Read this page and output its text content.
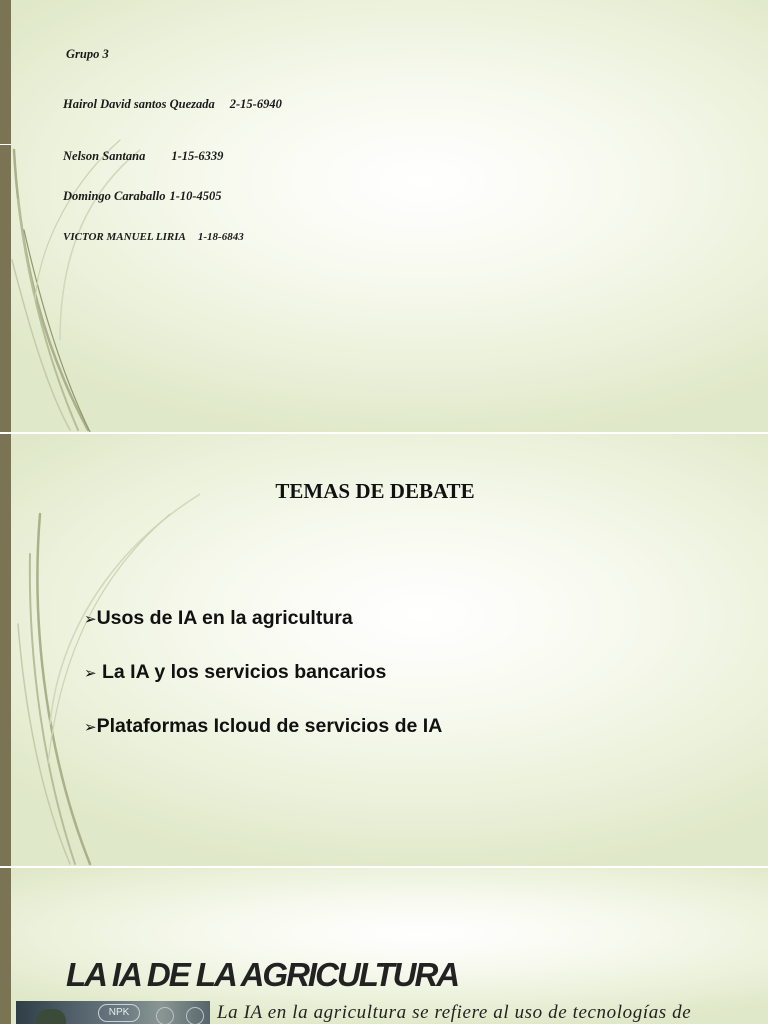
Grupo 3
Hairol David santos Quezada 2-15-6940
Nelson Santana 1-15-6339
Domingo Caraballo 1-10-4505
VICTOR MANUEL LIRIA 1-18-6843
TEMAS DE DEBATE
➢Usos de IA en la agricultura
➢ La IA y los servicios bancarios
➢Plataformas Icloud de servicios de IA
LA IA DE LA AGRICULTURA
NPK	La IA en la agricultura se refiere al uso de tecnologías de
